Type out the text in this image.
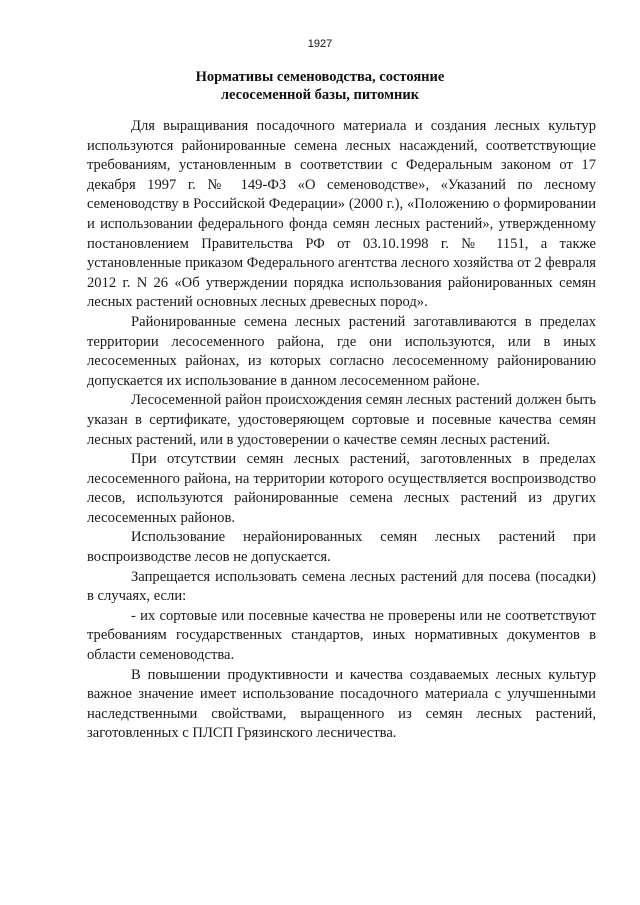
1927
Нормативы семеноводства, состояние
лесосеменной базы, питомник

Для выращивания посадочного материала и создания лесных культур используются районированные семена лесных насаждений, соответствующие требованиям, установленным в соответствии с Федеральным законом от 17 декабря 1997 г. № 149-ФЗ «О семеноводстве», «Указаний по лесному семеноводству в Российской Федерации» (2000 г.), «Положению о формировании и использовании федерального фонда семян лесных растений», утвержденному постановлением Правительства РФ от 03.10.1998 г. № 1151, а также установленные приказом Федерального агентства лесного хозяйства от 2 февраля 2012 г. N 26 «Об утверждении порядка использования районированных семян лесных растений основных лесных древесных пород».

Районированные семена лесных растений заготавливаются в пределах территории лесосеменного района, где они используются, или в иных лесосеменных районах, из которых согласно лесосеменному районированию допускается их использование в данном лесосеменном районе.

Лесосеменной район происхождения семян лесных растений должен быть указан в сертификате, удостоверяющем сортовые и посевные качества семян лесных растений, или в удостоверении о качестве семян лесных растений.

При отсутствии семян лесных растений, заготовленных в пределах лесосеменного района, на территории которого осуществляется воспроизводство лесов, используются районированные семена лесных растений из других лесосеменных районов.

Использование нерайонированных семян лесных растений при воспроизводстве лесов не допускается.

Запрещается использовать семена лесных растений для посева (посадки) в случаях, если:

- их сортовые или посевные качества не проверены или не соответствуют требованиям государственных стандартов, иных нормативных документов в области семеноводства.

В повышении продуктивности и качества создаваемых лесных культур важное значение имеет использование посадочного материала с улучшенными наследственными свойствами, выращенного из семян лесных растений, заготовленных с ПЛСП Грязинского лесничества.
